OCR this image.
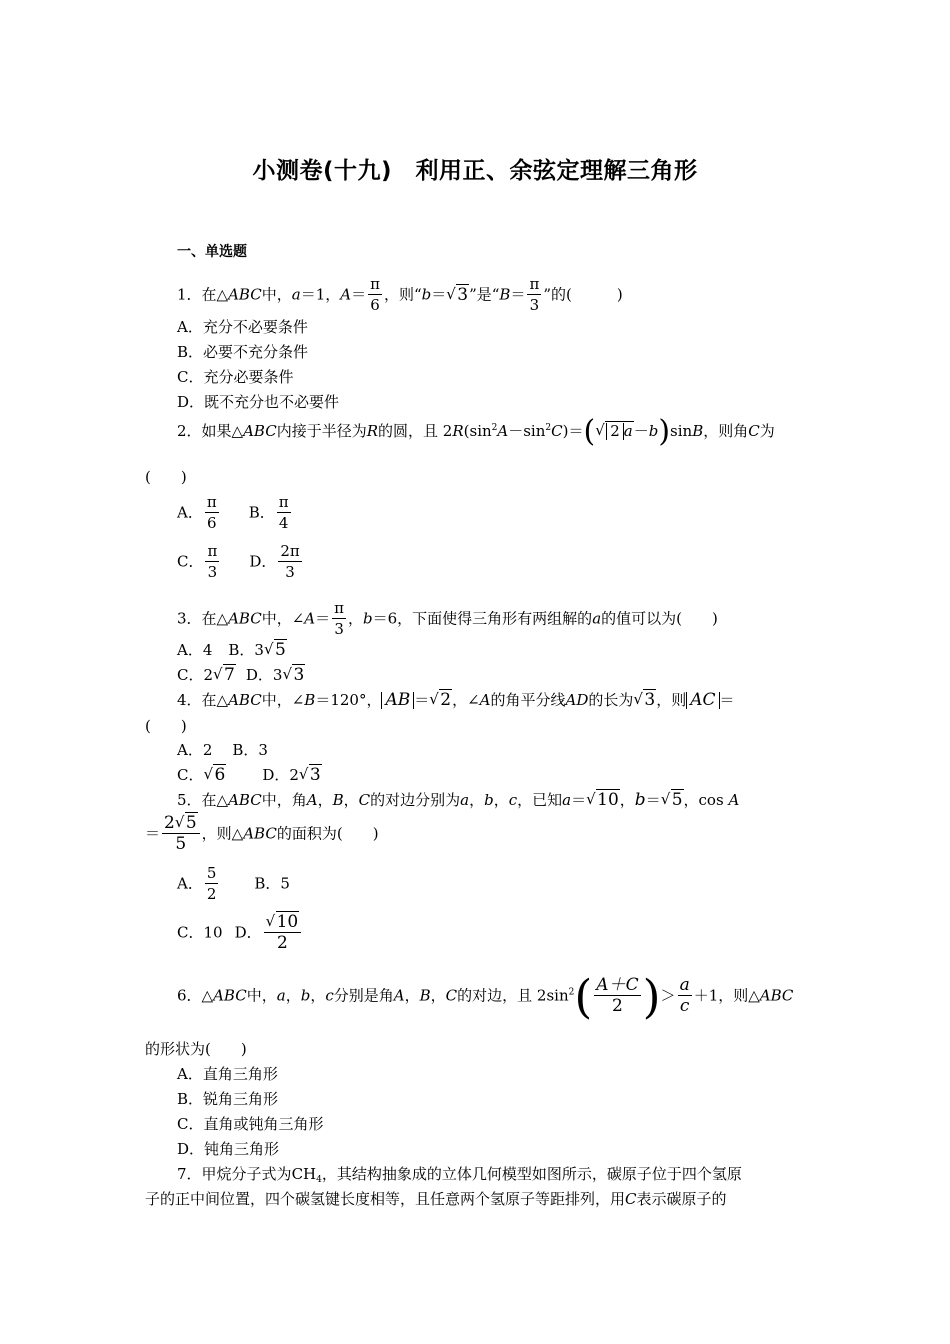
小测卷(十九)　利用正、余弦定理解三角形
一、单选题
1．在△ABC中，a＝1，$A= \frac{\pi}{6}$ ，则“b＝ √ 3”是“$B= \frac{\pi}{3}$ ”的(　　　)
A．充分不必要条件
B．必要不充分条件
C．充分必要条件
D．既不充分也不必要件
2．如果△ABC内接于半径为R的圆，且 $2R(\sin^2A-\sin^2C)=$( √ 2 a－b)sinB，则角C为
(　　)
A． $\frac{\pi}{6}$ B． $\frac{\pi}{4}$
C． $\frac{\pi}{3}$ D． $\frac{2\pi}{3}$
3．在△ABC中，∠A＝ $\frac{\pi}{3}$ ，b＝6，下面使得三角形有两组解的a的值可以为(　　)
A．4 B．3 √ 5
C．2 √ 7 D．3 √ 3
4．在△ABC中，∠B＝120°， AB ＝ √ 2，∠A的角平分线AD的长为 √ 3，则 AC ＝
(　　)
A．2 B．3
C． √ 6 D．2 √ 3
5．在△ABC中，角A，B，C的对边分别为a，b，c，已知a＝ √ 10，b＝ √ 5，cos A
＝ $\frac{2 √ 5}{5}$ ，则△ABC的面积为(　　)
A． $\frac{5}{2}$ B．5
C．10 D． $\frac{√ 10}{2}$
6．△ABC中，a，b，c分别是角A，B，C的对边，且 $2\sin^2( \frac{A+C}{2}$ )＞ $\frac{a}{c} +1$，则△ABC
的形状为(　　)
A．直角三角形
B．锐角三角形
C．直角或钝角三角形
D．钝角三角形
7．甲烷分子式为$CH_4$，其结构抽象成的立体几何模型如图所示，碳原子位于四个氢原
子的正中间位置，四个碳氢键长度相等，且任意两个氢原子等距排列，用C表示碳原子的
